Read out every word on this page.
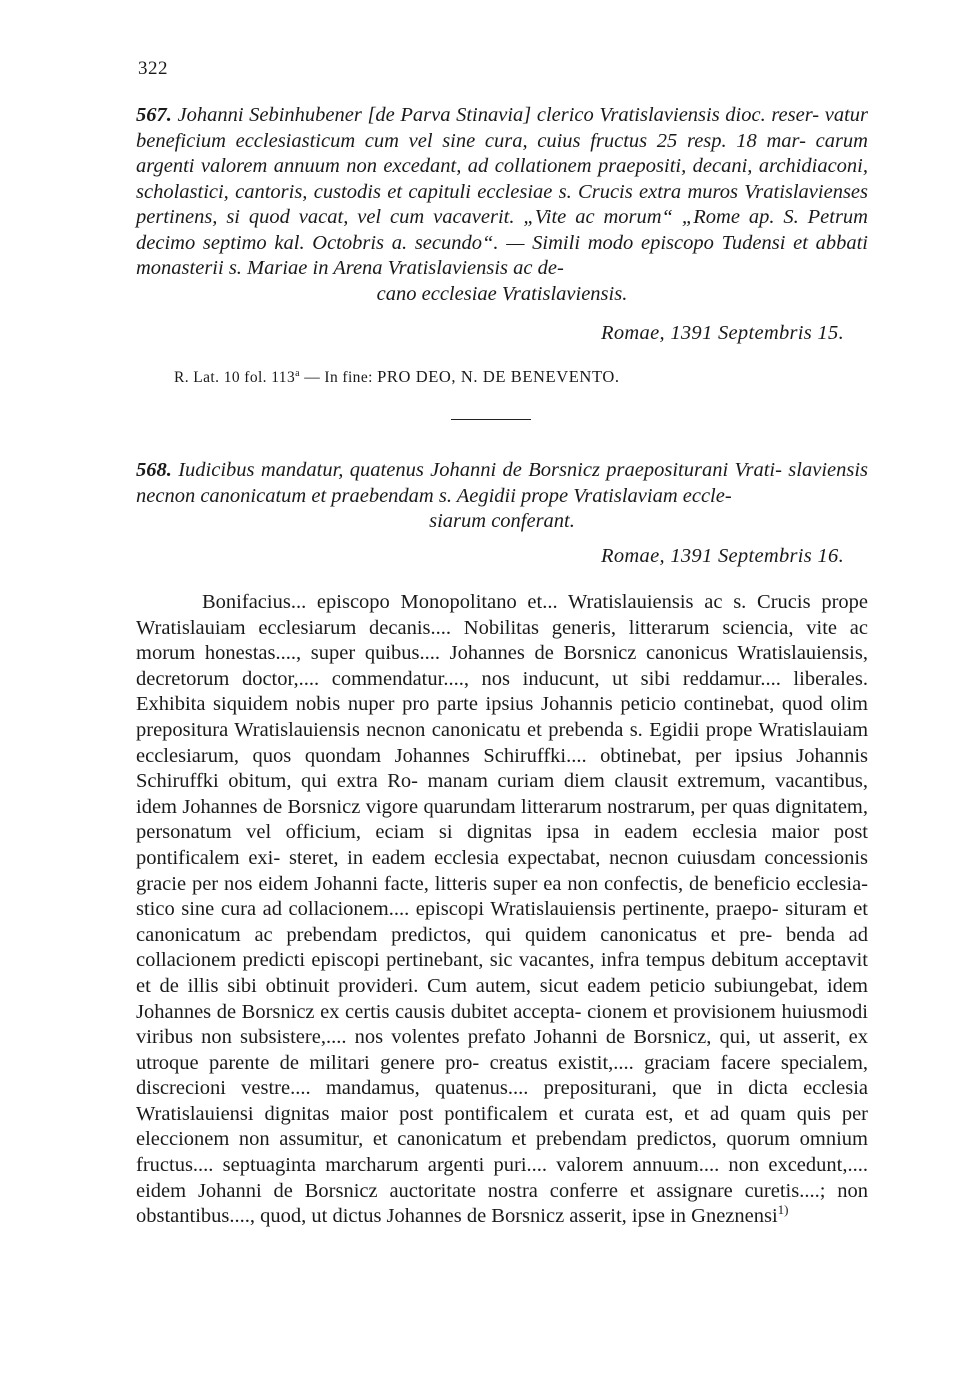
322
567. Johanni Sebinhubener [de Parva Stinavia] clerico Vratislaviensis dioc. reser- vatur beneficium ecclesiasticum cum vel sine cura, cuius fructus 25 resp. 18 mar- carum argenti valorem annuum non excedant, ad collationem praepositi, decani, archidiaconi, scholastici, cantoris, custodis et capituli ecclesiae s. Crucis extra muros Vratislavienses pertinens, si quod vacat, vel cum vacaverit. „Vite ac morum“ „Rome ap. S. Petrum decimo septimo kal. Octobris a. secundo“. — Simili modo episcopo Tudensi et abbati monasterii s. Mariae in Arena Vratislaviensis ac de-
cano ecclesiae Vratislaviensis.
Romae, 1391 Septembris 15.
R. Lat. 10 fol. 113$^a$ — In fine: PRO DEO, N. DE BENEVENTO.
568. Iudicibus mandatur, quatenus Johanni de Borsnicz praepositurani Vrati- slaviensis necnon canonicatum et praebendam s. Aegidii prope Vratislaviam eccle-
siarum conferant.
Romae, 1391 Septembris 16.

Bonifacius... episcopo Monopolitano et... Wratislauiensis ac s. Crucis prope Wratislauiam ecclesiarum decanis.... Nobilitas generis, litterarum sciencia, vite ac morum honestas...., super quibus.... Johannes de Borsnicz canonicus Wratislauiensis, decretorum doctor,.... commendatur...., nos inducunt, ut sibi reddamur.... liberales. Exhibita siquidem nobis nuper pro parte ipsius Johannis peticio continebat, quod olim prepositura Wratislauiensis necnon canonicatu et prebenda s. Egidii prope Wratislauiam ecclesiarum, quos quondam Johannes Schiruffki.... obtinebat, per ipsius Johannis Schiruffki obitum, qui extra Ro- manam curiam diem clausit extremum, vacantibus, idem Johannes de Borsnicz vigore quarundam litterarum nostrarum, per quas dignitatem, personatum vel officium, eciam si dignitas ipsa in eadem ecclesia maior post pontificalem exi- steret, in eadem ecclesia expectabat, necnon cuiusdam concessionis gracie per nos eidem Johanni facte, litteris super ea non confectis, de beneficio ecclesia- stico sine cura ad collacionem.... episcopi Wratislauiensis pertinente, praepo- situram et canonicatum ac prebendam predictos, qui quidem canonicatus et pre- benda ad collacionem predicti episcopi pertinebant, sic vacantes, infra tempus debitum acceptavit et de illis sibi obtinuit provideri. Cum autem, sicut eadem peticio subiungebat, idem Johannes de Borsnicz ex certis causis dubitet accepta- cionem et provisionem huiusmodi viribus non subsistere,.... nos volentes prefato Johanni de Borsnicz, qui, ut asserit, ex utroque parente de militari genere pro- creatus existit,.... graciam facere specialem, discrecioni vestre.... mandamus, quatenus.... prepositurani, que in dicta ecclesia Wratislauiensi dignitas maior post pontificalem et curata est, et ad quam quis per eleccionem non assumitur, et canonicatum et prebendam predictos, quorum omnium fructus.... septuaginta marcharum argenti puri.... valorem annuum.... non excedunt,.... eidem Johanni de Borsnicz auctoritate nostra conferre et assignare curetis....; non obstantibus...., quod, ut dictus Johannes de Borsnicz asserit, ipse in Gneznensi$^{1)}$
